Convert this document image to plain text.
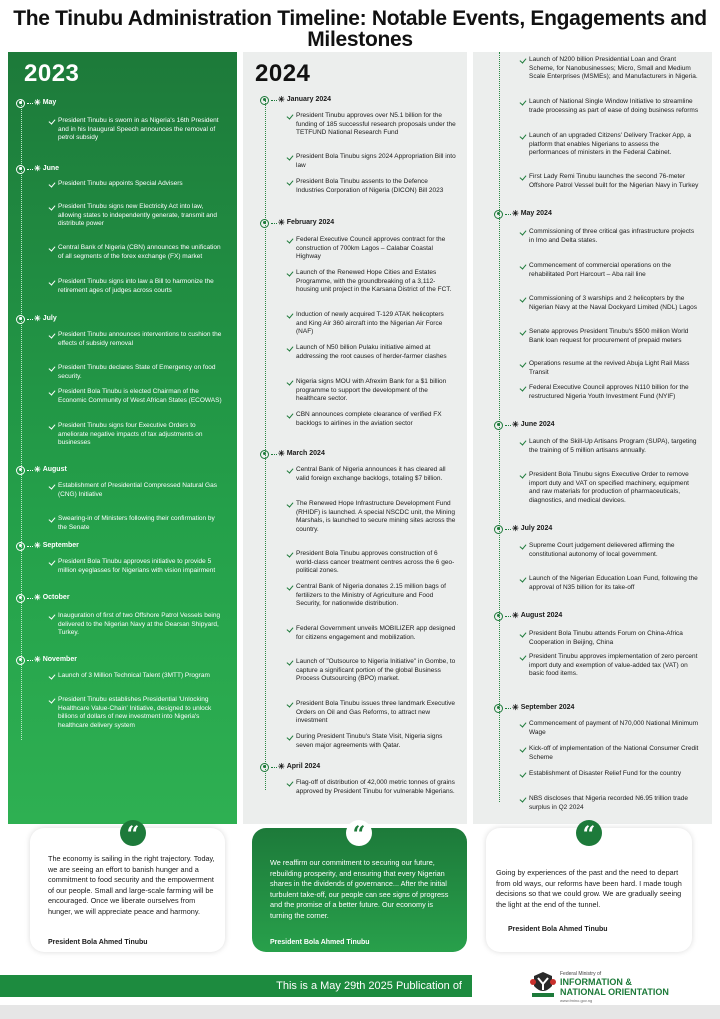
The Tinubu Administration Timeline: Notable Events, Engagements and Milestones
2023
✳ May
President Tinubu is sworn in as Nigeria's 16th President and in his Inaugural Speech announces the removal of petrol subsidy
✳ June
President Tinubu appoints Special Advisers
President Tinubu signs new Electricity Act into law, allowing states to independently generate, transmit and distribute power
Central Bank of Nigeria (CBN) announces the unification of all segments of the forex exchange (FX) market
President Tinubu signs into law a Bill to harmonize the retirement ages of judges across courts
✳ July
President Tinubu announces interventions to cushion the effects of subsidy removal
President Tinubu declares State of Emergency on food security.
President Bola Tinubu is elected Chairman of the Economic Community of West African States (ECOWAS)
President Tinubu signs four Executive Orders to ameliorate negative impacts of tax adjustments on businesses
✳ August
Establishment of Presidential Compressed Natural Gas (CNG) Initiative
Swearing-in of Ministers following their confirmation by the Senate
✳ September
President Bola Tinubu approves initiative to provide 5 million eyeglasses for Nigerians with vision impairment
✳ October
Inauguration of first of two Offshore Patrol Vessels being delivered to the Nigerian Navy at the Dearsan Shipyard, Turkey.
✳ November
Launch of 3 Million Technical Talent (3MTT) Program
President Tinubu establishes Presidential 'Unlocking Healthcare Value-Chain' Initiative, designed to unlock billions of dollars of new investment into Nigeria's healthcare delivery system
2024
✳ January 2024
President Tinubu approves over N5.1 billion for the funding of 185 successful research proposals under the TETFUND National Research Fund
President Bola Tinubu signs 2024 Appropriation Bill into law
President Bola Tinubu assents to the Defence Industries Corporation of Nigeria (DICON) Bill 2023
✳ February 2024
Federal Executive Council approves contract for the construction of 700km Lagos – Calabar Coastal Highway
Launch of the Renewed Hope Cities and Estates Programme, with the groundbreaking of a 3,112-housing unit project in the Karsana District of the FCT.
Induction of newly acquired T-129 ATAK helicopters and King Air 360 aircraft into the Nigerian Air Force (NAF)
Launch of N50 billion Pulaku initiative aimed at addressing the root causes of herder-farmer clashes
Nigeria signs MOU with Afrexim Bank for a $1 billion programme to support the development of the healthcare sector.
CBN announces complete clearance of verified FX backlogs to airlines in the aviation sector
✳ March 2024
Central Bank of Nigeria announces it has cleared all valid foreign exchange backlogs, totaling $7 billion.
The Renewed Hope Infrastructure Development Fund (RHIDF) is launched. A special NSCDC unit, the Mining Marshals, is launched to secure mining sites across the country.
President Bola Tinubu approves construction of 6 world-class cancer treatment centres across the 6 geo-political zones.
Central Bank of Nigeria donates 2.15 million bags of fertilizers to the Ministry of Agriculture and Food Security, for nationwide distribution.
Federal Government unveils MOBILIZER app designed for citizens engagement and mobilization.
Launch of "Outsource to Nigeria Initiative" in Gombe, to capture a significant portion of the global Business Process Outsourcing (BPO) market.
President Bola Tinubu issues three landmark Executive Orders on Oil and Gas Reforms, to attract new investment
During President Tinubu's State Visit, Nigeria signs seven major agreements with Qatar.
✳ April 2024
Flag-off of distribution of 42,000 metric tonnes of grains approved by President Tinubu for vulnerable Nigerians.
Launch of N200 billion Presidential Loan and Grant Scheme, for Nanobusinesses; Micro, Small and Medium Scale Enterprises (MSMEs); and Manufacturers in Nigeria.
Launch of National Single Window Initiative to streamline trade processing as part of ease of doing business reforms
Launch of an upgraded Citizens' Delivery Tracker App, a platform that enables Nigerians to assess the performances of ministers in the Federal Cabinet.
First Lady Remi Tinubu launches the second 76-meter Offshore Patrol Vessel built for the Nigerian Navy in Turkey
✳ May 2024
Commissioning of three critical gas infrastructure projects in Imo and Delta states.
Commencement of commercial operations on the rehabilitated Port Harcourt – Aba rail line
Commissioning of 3 warships and 2 helicopters by the Nigerian Navy at the Naval Dockyard Limited (NDL) Lagos
Senate approves President Tinubu's $500 million World Bank loan request for procurement of prepaid meters
Operations resume at the revived Abuja Light Rail Mass Transit
Federal Executive Council approves N110 billion for the restructured Nigeria Youth Investment Fund (NYIF)
✳ June 2024
Launch of the Skill-Up Artisans Program (SUPA), targeting the training of 5 million artisans annually.
President Bola Tinubu signs Executive Order to remove import duty and VAT on specified machinery, equipment and raw materials for production of pharmaceuticals, diagnostics, and medical devices.
✳ July 2024
Supreme Court judgement delievered affirming the constitutional autonomy of local government.
Launch of the Nigerian Education Loan Fund, following the approval of N35 billion for its take-off
✳ August 2024
President Bola Tinubu attends Forum on China-Africa Cooperation in Beijing, China
President Tinubu approves implementation of zero percent import duty and exemption of value-added tax (VAT) on basic food items.
✳ September 2024
Commencement of payment of N70,000 National Minimum Wage
Kick-off of implementation of the National Consumer Credit Scheme
Establishment of Disaster Relief Fund for the country
NBS discloses that Nigeria recorded N6.95 trillion trade surplus in Q2 2024
“
The economy is sailing in the right trajectory. Today, we are seeing an effort to banish hunger and a commitment to food security and the empowerment of our people. Small and large-scale farming will be encouraged. Once we liberate ourselves from hunger, we will appreciate peace and harmony.
President Bola Ahmed Tinubu
“
We reaffirm our commitment to securing our future, rebuilding prosperity, and ensuring that every Nigerian shares in the dividends of governance... After the initial turbulent take-off, our people can see signs of progress and the promise of a better future. Our economy is turning the corner.
President Bola Ahmed Tinubu
“
Going by experiences of the past and the need to depart from old ways, our reforms have been hard. I made tough decisions so that we could grow. We are gradually seeing the light at the end of the tunnel.
President Bola Ahmed Tinubu
This is a May 29th 2025 Publication of
Federal Ministry of
INFORMATION &
NATIONAL ORIENTATION
www.fmino.gov.ng
